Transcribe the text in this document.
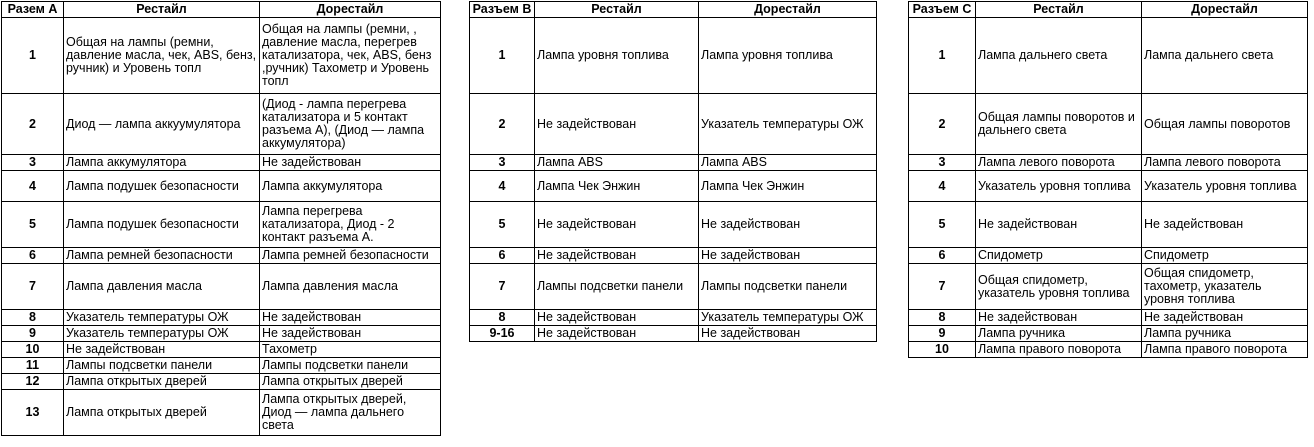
Разем А	Рестайл	Дорестайл
1	Общая на лампы (ремни, давление масла, чек, ABS, бенз, ручник) и Уровень топл	Общая на лампы (ремни, , давление масла, перегрев катализатора, чек, ABS, бенз ,ручник) Тахометр и Уровень топл
2	Диод — лампа аккуумулятора	(Диод - лампа перегрева катализатора и 5 контакт разъема А), (Диод — лампа аккумулятора)
3	Лампа аккумулятора	Не задействован
4	Лампа подушек безопасности	Лампа аккумулятора
5	Лампа подушек безопасности	Лампа перегрева катализатора, Диод - 2 контакт разъема А.
6	Лампа ремней безопасности	Лампа ремней безопасности
7	Лампа давления масла	Лампа давления масла
8	Указатель температуры ОЖ	Не задействован
9	Указатель температуры ОЖ	Не задействован
10	Не задействован	Тахометр
11	Лампы подсветки панели	Лампы подсветки панели
12	Лампа открытых дверей	Лампа открытых дверей
13	Лампа открытых дверей	Лампа открытых дверей, Диод — лампа дальнего света
Разъем В	Рестайл	Дорестайл
1	Лампа уровня топлива	Лампа уровня топлива
2	Не задействован	Указатель температуры ОЖ
3	Лампа ABS	Лампа ABS
4	Лампа Чек Энжин	Лампа Чек Энжин
5	Не задействован	Не задействован
6	Не задействован	Не задействован
7	Лампы подсветки панели	Лампы подсветки панели
8	Не задействован	Указатель температуры ОЖ
9-16	Не задействован	Не задействован
Разъем С	Рестайл	Дорестайл
1	Лампа дальнего света	Лампа дальнего света
2	Общая лампы поворотов и дальнего света	Общая лампы поворотов
3	Лампа левого поворота	Лампа левого поворота
4	Указатель уровня топлива	Указатель уровня топлива
5	Не задействован	Не задействован
6	Спидометр	Спидометр
7	Общая спидометр, указатель уровня топлива	Общая спидометр, тахометр, указатель уровня топлива
8	Не задействован	Не задействован
9	Лампа ручника	Лампа ручника
10	Лампа правого поворота	Лампа правого поворота
